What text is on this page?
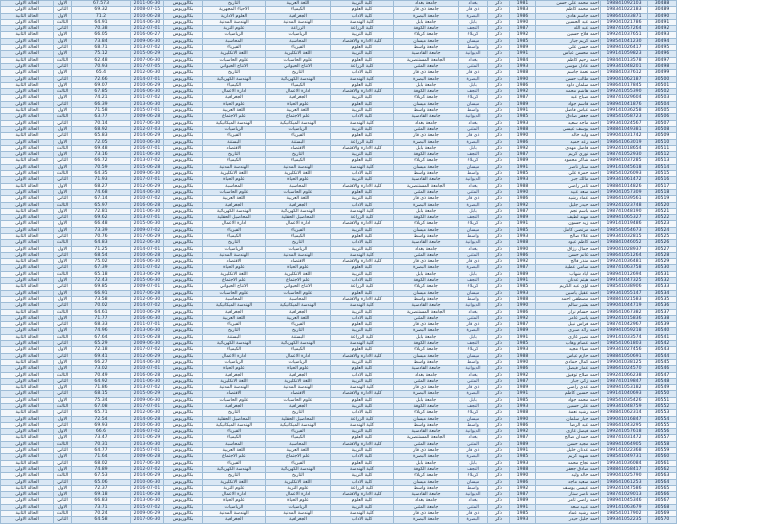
30488	198841092103	احمد محمد علي حسن	1981	ذكر	بغداد	جامعة بغداد	كلية التربية	اللغة العربية	التاريخ	بكالوريوس	2011-06-30	67.573	الاول	الحالة الاولى
30489	198341022183	احمد محمد كاظم	1983	ذكر	ذي قار	جامعة ذي قار	كلية العلوم	الكيمياء	الاحياء المجهرية	بكالوريوس	2008-07-15	69.32	الثاني	الحالة الاولى
30490	198641033871	احمد جاسم هادي	1986	ذكر	البصرة	جامعة البصرة	كلية الاداب	الجغرافية	العلوم الادارية	بكالوريوس	2010-06-28	71.2	الاول	الحالة الثانية
30491	199041021786	احمد عبد الحسين	1990	ذكر	بابل	جامعة بابل	كلية الهندسة	الهندسة المدنية	الهندسة المدنية	بكالوريوس	2014-06-30	64.91	الثالث	الحالة الاولى
30492	198741057264	احمد عبد الله	1987	ذكر	النجف	جامعة الكوفة	كلية الزراعة	الزراعة	علوم التربة	بكالوريوس	2012-07-01	70.38	الثاني	الحالة الاولى
30493	199241037651	احمد فلاح حسين	1992	ذكر	كربلاء	جامعة كربلاء	كلية التربية	الرياضيات	الرياضيات	بكالوريوس	2016-06-27	66.05	الاول	الحالة الثانية
30494	198541041230	احمد كريم جبار	1985	ذكر	ميسان	جامعة ميسان	كلية الادارة والاقتصاد	المحاسبة	المحاسبة	بكالوريوس	2009-06-30	73.84	الاول	الحالة الاولى
30495	198941026417	احمد حسن علي	1989	ذكر	واسط	جامعة واسط	كلية العلوم	الفيزياء	الفيزياء	بكالوريوس	2013-07-02	68.71	الثاني	الحالة الاولى
30496	199141059823	احمد محسن عباس	1991	ذكر	الديوانية	جامعة القادسية	كلية التربية	اللغة الانكليزية	اللغة الانكليزية	بكالوريوس	2015-06-29	75.12	الاول	الحالة الاولى
30497	198441013578	احمد رحيم كاظم	1984	ذكر	بغداد	الجامعة المستنصرية	كلية العلوم	علوم الحاسبات	علوم الحاسبات	بكالوريوس	2007-06-30	62.48	الثالث	الحالة الثانية
30498	199341048201	احمد عادل موسى	1993	ذكر	المثنى	جامعة المثنى	كلية الزراعة	الانتاج الحيواني	الانتاج الحيواني	بكالوريوس	2017-07-05	70.93	الثاني	الحالة الاولى
30499	198841037612	احمد نعمة جاسم	1988	ذكر	ذي قار	جامعة ذي قار	كلية الاداب	التاريخ	التاريخ	بكالوريوس	2012-06-30	65.4	الاول	الحالة الاولى
30500	199041062187	احمد طالب حسن	1990	ذكر	البصرة	جامعة البصرة	كلية الهندسة	الهندسة الكهربائية	الهندسة الكهربائية	بكالوريوس	2014-07-01	72.66	الثاني	الحالة الاولى
30501	198641017845	احمد سلمان داود	1986	ذكر	بابل	جامعة بابل	كلية العلوم	الكيمياء	الكيمياء	بكالوريوس	2010-06-29	69.07	الاول	الحالة الثانية
30502	199241055390	احمد هاشم محمد	1992	ذكر	النجف	جامعة الكوفة	كلية الادارة والاقتصاد	ادارة الاعمال	ادارة الاعمال	بكالوريوس	2016-06-30	67.85	الثالث	الحالة الاولى
30503	198741029604	احمد صباح عبد	1987	ذكر	كربلاء	جامعة كربلاء	كلية التربية	الجغرافية	الجغرافية	بكالوريوس	2011-07-02	74.21	الاول	الحالة الاولى
30504	198941041876	احمد قاسم جواد	1989	ذكر	ميسان	جامعة ميسان	كلية العلوم	علوم الحياة	علوم الحياة	بكالوريوس	2013-06-30	66.39	الثاني	الحالة الاولى
30505	199141036258	احمد عباس فاضل	1991	ذكر	واسط	جامعة واسط	كلية التربية	اللغة العربية	اللغة العربية	بكالوريوس	2015-07-01	71.58	الاول	الحالة الثانية
30506	198541058723	احمد جعفر صادق	1985	ذكر	الديوانية	جامعة القادسية	كلية الاداب	علم الاجتماع	علم الاجتماع	بكالوريوس	2009-06-28	63.77	الثالث	الحالة الاولى
30507	199341024567	احمد ماجد سعيد	1993	ذكر	بغداد	جامعة بغداد	كلية الهندسة	الهندسة الميكانيكية	الهندسة الميكانيكية	بكالوريوس	2017-06-30	70.14	الثاني	الحالة الاولى
30508	198841049381	احمد يوسف عيسى	1988	ذكر	المثنى	جامعة المثنى	كلية التربية	الرياضيات	الرياضيات	بكالوريوس	2012-07-03	68.92	الاول	الحالة الاولى
30509	199041031742	احمد وليد خالد	1990	ذكر	ذي قار	جامعة ذي قار	كلية العلوم	الفيزياء	الفيزياء	بكالوريوس	2014-06-29	65.83	الثاني	الحالة الثانية
30510	198641063019	احمد رعد حميد	1986	ذكر	البصرة	جامعة البصرة	كلية الزراعة	البستنة	البستنة	بكالوريوس	2010-06-30	72.05	الاول	الحالة الاولى
30511	199241018654	احمد فاضل مهدي	1992	ذكر	بابل	جامعة بابل	كلية الادارة والاقتصاد	الاقتصاد	الاقتصاد	بكالوريوس	2016-07-01	69.48	الثالث	الحالة الاولى
30512	198741052930	احمد نوري كريم	1987	ذكر	النجف	جامعة الكوفة	كلية التربية	التاريخ	التاريخ	بكالوريوس	2011-06-30	73.16	الاول	الحالة الاولى
30513	198941037285	احمد شاكر محمود	1989	ذكر	كربلاء	جامعة كربلاء	كلية العلوم	الكيمياء	الكيمياء	بكالوريوس	2013-07-02	66.72	الثاني	الحالة الثانية
30514	199141045618	احمد ستار ناصر	1991	ذكر	ميسان	جامعة ميسان	كلية الهندسة	الهندسة المدنية	الهندسة المدنية	بكالوريوس	2015-06-28	70.59	الاول	الحالة الاولى
30515	198541026093	احمد حمزة علي	1985	ذكر	واسط	جامعة واسط	كلية الاداب	اللغة الانكليزية	اللغة الانكليزية	بكالوريوس	2009-06-30	64.35	الثالث	الحالة الاولى
30516	199341061472	احمد مالك جبر	1993	ذكر	الديوانية	جامعة القادسية	كلية التربية	علوم الحياة	علوم الحياة	بكالوريوس	2017-07-01	71.93	الثاني	الحالة الاولى
30517	198841014826	احمد ثامر راضي	1988	ذكر	بغداد	الجامعة المستنصرية	كلية الادارة والاقتصاد	المحاسبة	المحاسبة	بكالوريوس	2012-06-29	68.27	الاول	الحالة الثانية
30518	199041057309	احمد سعد عبيد	1990	ذكر	المثنى	جامعة المثنى	كلية العلوم	علوم الحاسبات	علوم الحاسبات	بكالوريوس	2014-06-30	74.68	الاول	الحالة الاولى
30519	198641039561	احمد عماد رشيد	1986	ذكر	ذي قار	جامعة ذي قار	كلية التربية	اللغة العربية	اللغة العربية	بكالوريوس	2010-07-02	67.14	الثاني	الحالة الاولى
30520	199241023748	احمد حيدر جليل	1992	ذكر	البصرة	جامعة البصرة	كلية الاداب	الجغرافية	الجغرافية	بكالوريوس	2016-06-28	65.97	الثالث	الحالة الاولى
30521	198741048190	احمد باسم نجم	1987	ذكر	بابل	جامعة بابل	كلية الهندسة	الهندسة الكهربائية	الهندسة الكهربائية	بكالوريوس	2011-06-30	72.81	الاول	الحالة الثانية
30522	198941065327	احمد مهند لطيف	1989	ذكر	النجف	جامعة الكوفة	كلية الزراعة	المحاصيل الحقلية	المحاصيل الحقلية	بكالوريوس	2013-07-01	69.62	الثاني	الحالة الاولى
30523	199141019486	احمد زيد حسون	1991	ذكر	كربلاء	جامعة كربلاء	كلية الادارة والاقتصاد	ادارة الاعمال	ادارة الاعمال	بكالوريوس	2015-06-30	66.48	الاول	الحالة الاولى
30524	198541054673	احمد مرتضى كامل	1985	ذكر	ميسان	جامعة ميسان	كلية التربية	الفيزياء	الفيزياء	بكالوريوس	2009-07-02	73.39	الاول	الحالة الاولى
30525	199341032815	احمد علاء صالح	1993	ذكر	واسط	جامعة واسط	كلية العلوم	الكيمياء	الكيمياء	بكالوريوس	2017-06-29	70.76	الثاني	الحالة الثانية
30526	198841046052	احمد كاظم عبود	1988	ذكر	الديوانية	جامعة القادسية	كلية الاداب	التاريخ	التاريخ	بكالوريوس	2012-06-30	64.83	الثالث	الحالة الاولى
30527	199041028937	احمد جمال رزاق	1990	ذكر	بغداد	جامعة بغداد	كلية التربية	الرياضيات	الرياضيات	بكالوريوس	2014-07-01	71.25	الاول	الحالة الاولى
30528	198641051264	احمد غانم حسن	1986	ذكر	المثنى	جامعة المثنى	كلية الهندسة	الهندسة المدنية	الهندسة المدنية	بكالوريوس	2010-06-28	68.54	الثاني	الحالة الاولى
30529	199241036481	احمد منذر فالح	1992	ذكر	ذي قار	جامعة ذي قار	كلية الادارة والاقتصاد	الاقتصاد	الاقتصاد	بكالوريوس	2016-06-30	75.02	الاول	الحالة الثانية
30530	198741063758	احمد سامي عطية	1987	ذكر	البصرة	جامعة البصرة	كلية العلوم	علوم الحياة	علوم الحياة	بكالوريوس	2011-07-02	67.39	الثاني	الحالة الاولى
30531	198941012694	احمد اياد شهاب	1989	ذكر	بابل	جامعة بابل	كلية التربية	اللغة الانكليزية	اللغة الانكليزية	بكالوريوس	2013-06-29	65.18	الثالث	الحالة الاولى
30532	199141047325	احمد هيثم عدنان	1991	ذكر	النجف	جامعة الكوفة	كلية الاداب	علم الاجتماع	علم الاجتماع	بكالوريوس	2015-06-30	72.43	الاول	الحالة الاولى
30533	198541038906	احمد لؤي عبد الكريم	1985	ذكر	كربلاء	جامعة كربلاء	كلية الزراعة	الانتاج الحيواني	الانتاج الحيواني	بكالوريوس	2009-07-01	69.85	الثاني	الحالة الثانية
30534	199341055147	احمد عقيل ياسين	1993	ذكر	ميسان	جامعة ميسان	كلية العلوم	علوم الحاسبات	علوم الحاسبات	بكالوريوس	2017-06-28	66.91	الاول	الحالة الاولى
30535	198841021583	احمد مصطفى احمد	1988	ذكر	واسط	جامعة واسط	كلية الادارة والاقتصاد	المحاسبة	المحاسبة	بكالوريوس	2012-06-30	73.58	الاول	الحالة الاولى
30536	199041044719	احمد بشير سالم	1990	ذكر	الديوانية	جامعة القادسية	كلية الهندسة	الهندسة الميكانيكية	الهندسة الميكانيكية	بكالوريوس	2014-07-02	70.02	الثاني	الحالة الاولى
30537	198641067382	احمد حسام نزار	1986	ذكر	بغداد	الجامعة المستنصرية	كلية التربية	الجغرافية	الجغرافية	بكالوريوس	2010-06-29	64.61	الثالث	الحالة الثانية
30538	199241015836	احمد ياسر عامر	1992	ذكر	المثنى	جامعة المثنى	كلية الاداب	اللغة العربية	اللغة العربية	بكالوريوس	2016-06-30	71.77	الاول	الحالة الاولى
30539	198741042967	احمد فراس نبيل	1987	ذكر	ذي قار	جامعة ذي قار	كلية العلوم	الفيزياء	الفيزياء	بكالوريوس	2011-07-01	68.33	الثاني	الحالة الاولى
30540	198941059218	احمد رائد صبري	1989	ذكر	البصرة	جامعة البصرة	كلية التربية	التاريخ	التاريخ	بكالوريوس	2013-06-30	74.96	الاول	الحالة الاولى
30541	199141033574	احمد نصير غازي	1991	ذكر	بابل	جامعة بابل	كلية الزراعة	البستنة	البستنة	بكالوريوس	2015-06-28	67.64	الثالث	الحالة الثانية
30542	198541061803	احمد عصام وهاب	1985	ذكر	النجف	جامعة الكوفة	كلية الهندسة	الهندسة الكهربائية	الهندسة الكهربائية	بكالوريوس	2009-06-30	65.29	الثاني	الحالة الاولى
30543	199341027456	احمد ضياء مجيد	1993	ذكر	كربلاء	جامعة كربلاء	كلية العلوم	الكيمياء	الكيمياء	بكالوريوس	2017-07-02	72.18	الاول	الحالة الاولى
30544	198841050691	احمد حازم عباس	1988	ذكر	ميسان	جامعة ميسان	كلية الادارة والاقتصاد	ادارة الاعمال	ادارة الاعمال	بكالوريوس	2012-06-29	69.41	الثاني	الحالة الاولى
30545	199041038125	احمد كمال حمادي	1990	ذكر	واسط	جامعة واسط	كلية التربية	الرياضيات	الرياضيات	بكالوريوس	2014-06-30	66.27	الاول	الحالة الثانية
30546	198641024570	احمد عمار فيصل	1986	ذكر	الديوانية	جامعة القادسية	كلية العلوم	علوم الحياة	علوم الحياة	بكالوريوس	2010-07-01	73.02	الاول	الحالة الاولى
30547	199241066238	احمد صلاح توفيق	1992	ذكر	بغداد	جامعة بغداد	كلية الاداب	الجغرافية	الجغرافية	بكالوريوس	2016-06-28	70.49	الثالث	الحالة الاولى
30548	198741019847	احمد زكي جبار	1987	ذكر	المثنى	جامعة المثنى	كلية التربية	اللغة الانكليزية	اللغة الانكليزية	بكالوريوس	2011-06-30	64.92	الثاني	الحالة الاولى
30549	198941053182	احمد عدي راضي	1989	ذكر	ذي قار	جامعة ذي قار	كلية الهندسة	الهندسة المدنية	الهندسة المدنية	بكالوريوس	2013-07-02	71.86	الاول	الحالة الثانية
30550	199141040693	احمد حسين كاظم	1991	ذكر	البصرة	جامعة البصرة	كلية الادارة والاقتصاد	الاقتصاد	الاقتصاد	بكالوريوس	2015-06-29	68.15	الثاني	الحالة الاولى
30551	198541035426	احمد محمد جواد	1985	ذكر	بابل	جامعة بابل	كلية العلوم	علوم الحاسبات	علوم الحاسبات	بكالوريوس	2009-06-30	75.34	الاول	الحالة الاولى
30552	199341048759	احمد علي حسين	1993	ذكر	النجف	جامعة الكوفة	كلية التربية	الجغرافية	الجغرافية	بكالوريوس	2017-07-01	67.08	الثالث	الحالة الاولى
30553	198841062314	احمد رشيد نعمة	1988	ذكر	كربلاء	جامعة كربلاء	كلية الاداب	التاريخ	التاريخ	بكالوريوس	2012-06-30	65.71	الثاني	الحالة الثانية
30554	199041016847	احمد جبار سلمان	1990	ذكر	ميسان	جامعة ميسان	كلية الزراعة	المحاصيل الحقلية	المحاصيل الحقلية	بكالوريوس	2014-06-28	72.54	الاول	الحالة الاولى
30555	198641043295	احمد عبد الرضا	1986	ذكر	واسط	جامعة واسط	كلية الهندسة	الهندسة الميكانيكية	الهندسة الميكانيكية	بكالوريوس	2010-06-30	69.93	الثاني	الحالة الاولى
30556	199241057618	احمد فيصل غازي	1992	ذكر	الديوانية	جامعة القادسية	كلية التربية	الفيزياء	الفيزياء	بكالوريوس	2016-07-02	66.6	الاول	الحالة الاولى
30557	198741031472	احمد حمدان صالح	1987	ذكر	بغداد	الجامعة المستنصرية	كلية العلوم	الكيمياء	الكيمياء	بكالوريوس	2011-06-29	73.47	الاول	الحالة الثانية
30558	198941064905	احمد مجيد حسن	1989	ذكر	المثنى	جامعة المثنى	كلية الادارة والاقتصاد	المحاسبة	المحاسبة	بكالوريوس	2013-06-30	70.31	الثالث	الحالة الاولى
30559	199141022368	احمد عدنان خليل	1991	ذكر	ذي قار	جامعة ذي قار	كلية التربية	اللغة العربية	اللغة العربية	بكالوريوس	2015-07-01	64.77	الثاني	الحالة الاولى
30560	198541049731	احمد شهيد كريم	1985	ذكر	البصرة	جامعة البصرة	كلية الاداب	علم الاجتماع	علم الاجتماع	بكالوريوس	2009-06-28	71.64	الاول	الحالة الاولى
30561	199341036084	احمد نجاح محمد	1993	ذكر	بابل	جامعة بابل	كلية العلوم	الفيزياء	الفيزياء	بكالوريوس	2017-06-30	68.02	الثاني	الحالة الثانية
30562	198841058417	احمد صادق جعفر	1988	ذكر	النجف	جامعة الكوفة	كلية الهندسة	الهندسة الكهربائية	الهندسة الكهربائية	بكالوريوس	2012-07-02	74.89	الاول	الحالة الاولى
30563	199041025790	احمد خالد وليد	1990	ذكر	كربلاء	جامعة كربلاء	كلية التربية	التاريخ	التاريخ	بكالوريوس	2014-06-29	67.53	الثالث	الحالة الاولى
30564	198641061253	احمد سعيد ماجد	1986	ذكر	ميسان	جامعة ميسان	كلية الاداب	اللغة الانكليزية	اللغة الانكليزية	بكالوريوس	2010-06-30	65.06	الثاني	الحالة الاولى
30565	199241047586	احمد عيسى يوسف	1992	ذكر	واسط	جامعة واسط	كلية الزراعة	علوم التربة	علوم التربة	بكالوريوس	2016-07-01	72.37	الاول	الحالة الثانية
30566	198741029013	احمد ناصر ستار	1987	ذكر	الديوانية	جامعة القادسية	كلية الادارة والاقتصاد	ادارة الاعمال	ادارة الاعمال	بكالوريوس	2011-06-28	69.18	الاول	الحالة الاولى
30567	198941045346	احمد راضي ثامر	1989	ذكر	بغداد	جامعة بغداد	كلية العلوم	علوم الحياة	علوم الحياة	بكالوريوس	2013-06-30	66.83	الثاني	الحالة الاولى
30568	199141063679	احمد عبيد سعد	1991	ذكر	المثنى	جامعة المثنى	كلية التربية	الرياضيات	الرياضيات	بكالوريوس	2015-07-02	73.71	الاول	الحالة الاولى
30569	198541017902	احمد رشيد عماد	1985	ذكر	ذي قار	جامعة ذي قار	كلية الهندسة	الهندسة المدنية	الهندسة المدنية	بكالوريوس	2009-06-29	70.24	الثالث	الحالة الثانية
30570	199341052235	احمد جليل حيدر	1993	ذكر	البصرة	جامعة البصرة	كلية الاداب	الجغرافية	الجغرافية	بكالوريوس	2017-06-30	64.58	الثاني	الحالة الاولى
